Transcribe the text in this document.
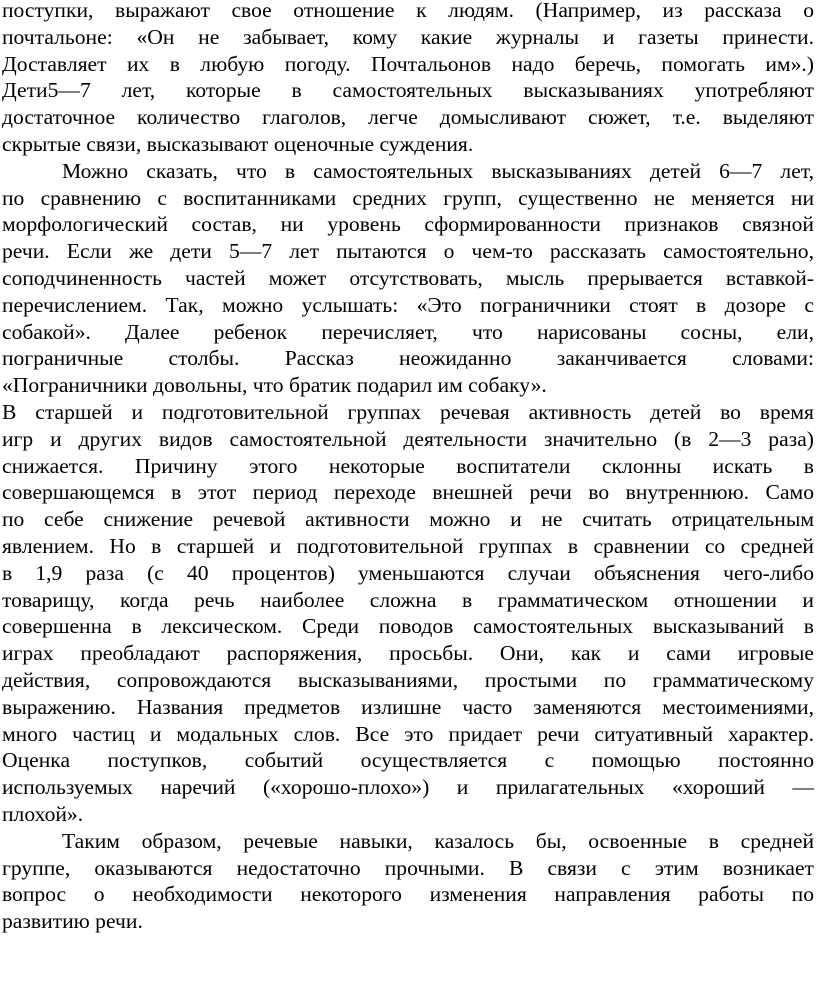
поступки, выражают свое отношение к людям. (Например, из рассказа о
почтальоне: «Он не забывает, кому какие журналы и газеты принести.
Доставляет их в любую погоду. Почтальонов надо беречь, помогать им».)
Дети5—7 лет, которые в самостоятельных высказываниях употребляют
достаточное количество глаголов, легче домысливают сюжет, т.е. выделяют
скрытые связи, высказывают оценочные суждения.
Можно сказать, что в самостоятельных высказываниях детей 6—7 лет,
по сравнению с воспитанниками средних групп, существенно не меняется ни
морфологический состав, ни уровень сформированности признаков связной
речи. Если же дети 5—7 лет пытаются о чем-то рассказать самостоятельно,
соподчиненность частей может отсутствовать, мысль прерывается вставкой-
перечислением. Так, можно услышать: «Это пограничники стоят в дозоре с
собакой». Далее ребенок перечисляет, что нарисованы сосны, ели,
пограничные столбы. Рассказ неожиданно заканчивается словами:
«Пограничники довольны, что братик подарил им собаку».
В старшей и подготовительной группах речевая активность детей во время
игр и других видов самостоятельной деятельности значительно (в 2—3 раза)
снижается. Причину этого некоторые воспитатели склонны искать в
совершающемся в этот период переходе внешней речи во внутреннюю. Само
по себе снижение речевой активности можно и не считать отрицательным
явлением. Но в старшей и подготовительной группах в сравнении со средней
в 1,9 раза (с 40 процентов) уменьшаются случаи объяснения чего-либо
товарищу, когда речь наиболее сложна в грамматическом отношении и
совершенна в лексическом. Среди поводов самостоятельных высказываний в
играх преобладают распоряжения, просьбы. Они, как и сами игровые
действия, сопровождаются высказываниями, простыми по грамматическому
выражению. Названия предметов излишне часто заменяются местоимениями,
много частиц и модальных слов. Все это придает речи ситуативный характер.
Оценка поступков, событий осуществляется с помощью постоянно
используемых наречий («хорошо-плохо») и прилагательных «хороший —
плохой».
Таким образом, речевые навыки, казалось бы, освоенные в средней
группе, оказываются недостаточно прочными. В связи с этим возникает
вопрос о необходимости некоторого изменения направления работы по
развитию речи.
